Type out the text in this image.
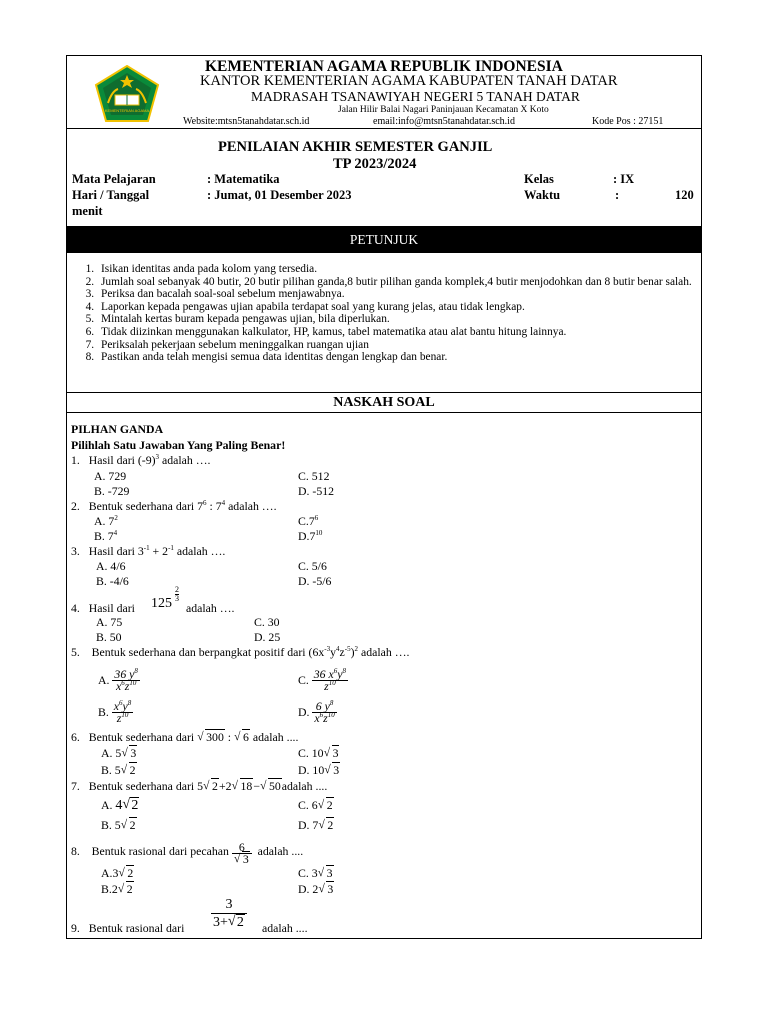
KEMENTERIAN AGAMA
KEMENTERIAN AGAMA REPUBLIK INDONESIA
KANTOR KEMENTERIAN AGAMA KABUPATEN TANAH DATAR
MADRASAH TSANAWIYAH NEGERI 5 TANAH DATAR
Jalan Hilir Balai Nagari Paninjauan Kecamatan X Koto
Website:mtsn5tanahdatar.sch.id	email:info@mtsn5tanahdatar.sch.id	Kode Pos : 27151
PENILAIAN AKHIR SEMESTER GANJIL
TP 2023/2024
Mata Pelajaran	: Matematika	Kelas	: IX
Hari / Tanggal	: Jumat, 01 Desember 2023	Waktu	:	120
menit
PETUNJUK
1. Isikan identitas anda pada kolom yang tersedia.
2. Jumlah soal sebanyak 40 butir, 20 butir pilihan ganda,8 butir pilihan ganda komplek,4 butir menjodohkan dan 8 butir benar salah.
3. Periksa dan bacalah soal-soal sebelum menjawabnya.
4. Laporkan kepada pengawas ujian apabila terdapat soal yang kurang jelas, atau tidak lengkap.
5. Mintalah kertas buram kepada pengawas ujian, bila diperlukan.
6. Tidak diizinkan menggunakan kalkulator, HP, kamus, tabel matematika atau alat bantu hitung lainnya.
7. Periksalah pekerjaan sebelum meninggalkan ruangan ujian
8. Pastikan anda telah mengisi semua data identitas dengan lengkap dan benar.
NASKAH SOAL
PILHAN GANDA
Pilihlah Satu Jawaban Yang Paling Benar!
1. Hasil dari $(-9)^3$ adalah ….
A. 729	C. 512
B. -729	D. -512
2. Bentuk sederhana dari $7^6$ : $7^4$ adalah ….
A. $7^2$	$C.7^6$
B. $7^4$	$D.7^{10}$
3. Hasil dari $3^{-1} + 2^{-1}$ adalah ….
A. 4/6	C. 5/6
B. -4/6	D. -5/6
4. Hasil dari 125
2
3
adalah ….
A. 75	C. 30
B. 50	D. 25
5. Bentuk sederhana dan berpangkat positif dari $(6x^{-3}y^4z^{-5})^2$ adalah ….
A. $\frac{36 y^8}{x^6z^{10}}$	C. $\frac{36 x^6y^8}{z^{10}}$
B. $\frac{x^6y^8}{z^{10}}$	D. $\frac{6 y^8}{x^6z^{10}}$
6. Bentuk sederhana dari √ 300 : √ 6 adalah ....
A. 5 √ 3	C. 10 √ 3
B. 5 √ 2	D. 10 √ 3
7. Bentuk sederhana dari 5 √ 2+2 √ 18− √ 50adalah ....
A. 4 √ 2	C. 6 √ 2
B. 5 √ 2	D. 7 √ 2
8. Bentuk rasional dari pecahan 6
√ 3 adalah ....
A.3 √ 2	C. 3 √ 3
B.2 √ 2	D. 2 √ 3
9. Bentuk rasional dari
3
3+ √ 2 adalah ....
